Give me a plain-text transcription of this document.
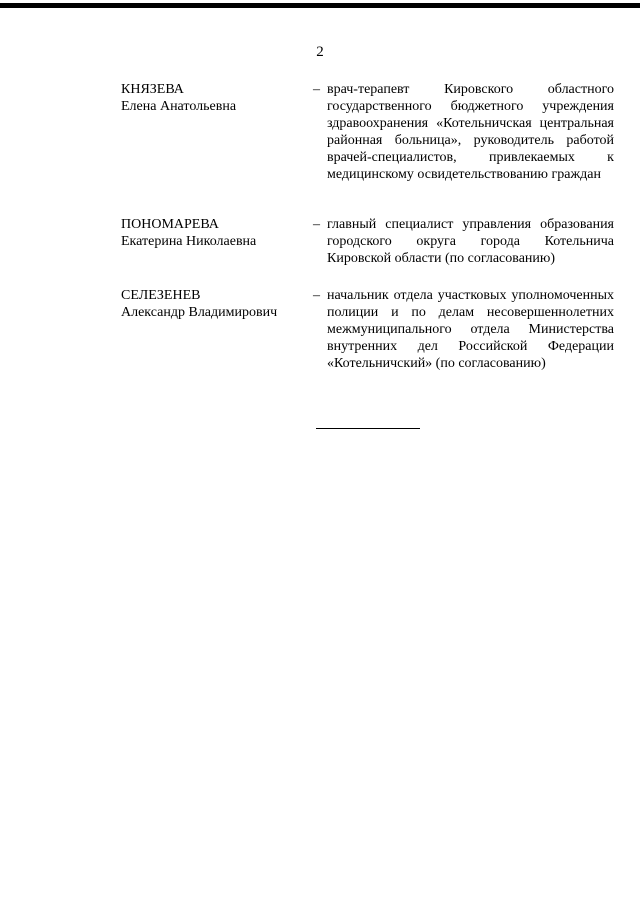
2
КНЯЗЕВА
Елена Анатольевна
– врач-терапевт Кировского областного государственного бюджетного учреждения здравоохранения «Котельничская центральная районная больница», руководитель работой врачей-специалистов, привлекаемых к медицинскому освидетельствованию граждан
ПОНОМАРЕВА
Екатерина Николаевна
– главный специалист управления образования городского округа города Котельнича Кировской области (по согласованию)
СЕЛЕЗЕНЕВ
Александр Владимирович
– начальник отдела участковых уполномоченных полиции и по делам несовершеннолетних межмуниципального отдела Министерства внутренних дел Российской Федерации «Котельничский» (по согласованию)
